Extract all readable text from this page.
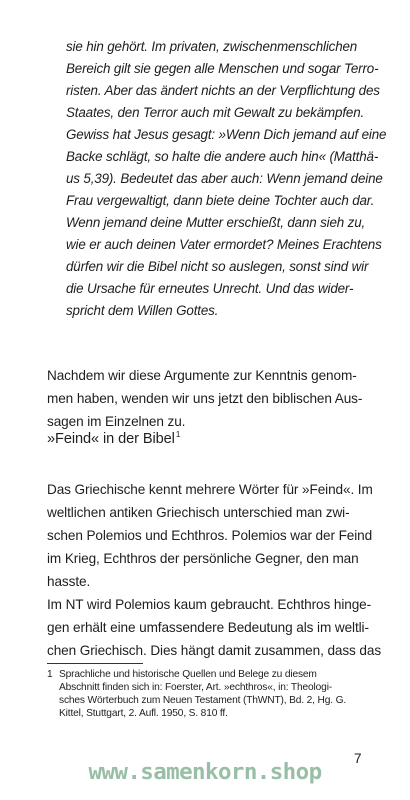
sie hin gehört. Im privaten, zwischenmenschlichen
Bereich gilt sie gegen alle Menschen und sogar Terro-
risten. Aber das ändert nichts an der Verpflichtung des
Staates, den Terror auch mit Gewalt zu bekämpfen.
Gewiss hat Jesus gesagt: »Wenn Dich jemand auf eine
Backe schlägt, so halte die andere auch hin« (Matthä-
us 5,39). Bedeutet das aber auch: Wenn jemand deine
Frau vergewaltigt, dann biete deine Tochter auch dar.
Wenn jemand deine Mutter erschießt, dann sieh zu,
wie er auch deinen Vater ermordet? Meines Erachtens
dürfen wir die Bibel nicht so auslegen, sonst sind wir
die Ursache für erneutes Unrecht. Und das wider-
spricht dem Willen Gottes.
Nachdem wir diese Argumente zur Kenntnis genom-
men haben, wenden wir uns jetzt den biblischen Aus-
sagen im Einzelnen zu.
»Feind« in der Bibel$^1$
Das Griechische kennt mehrere Wörter für »Feind«. Im
weltlichen antiken Griechisch unterschied man zwi-
schen Polemios und Echthros. Polemios war der Feind
im Krieg, Echthros der persönliche Gegner, den man
hasste.
Im NT wird Polemios kaum gebraucht. Echthros hinge-
gen erhält eine umfassendere Bedeutung als im weltli-
chen Griechisch. Dies hängt damit zusammen, dass das
1 Sprachliche und historische Quellen und Belege zu diesem
Abschnitt finden sich in: Foerster, Art. »echthros«, in: Theologi-
sches Wörterbuch zum Neuen Testament (ThWNT), Bd. 2, Hg. G.
Kittel, Stuttgart, 2. Aufl. 1950, S. 810 ff.
7
www.samenkorn.shop
